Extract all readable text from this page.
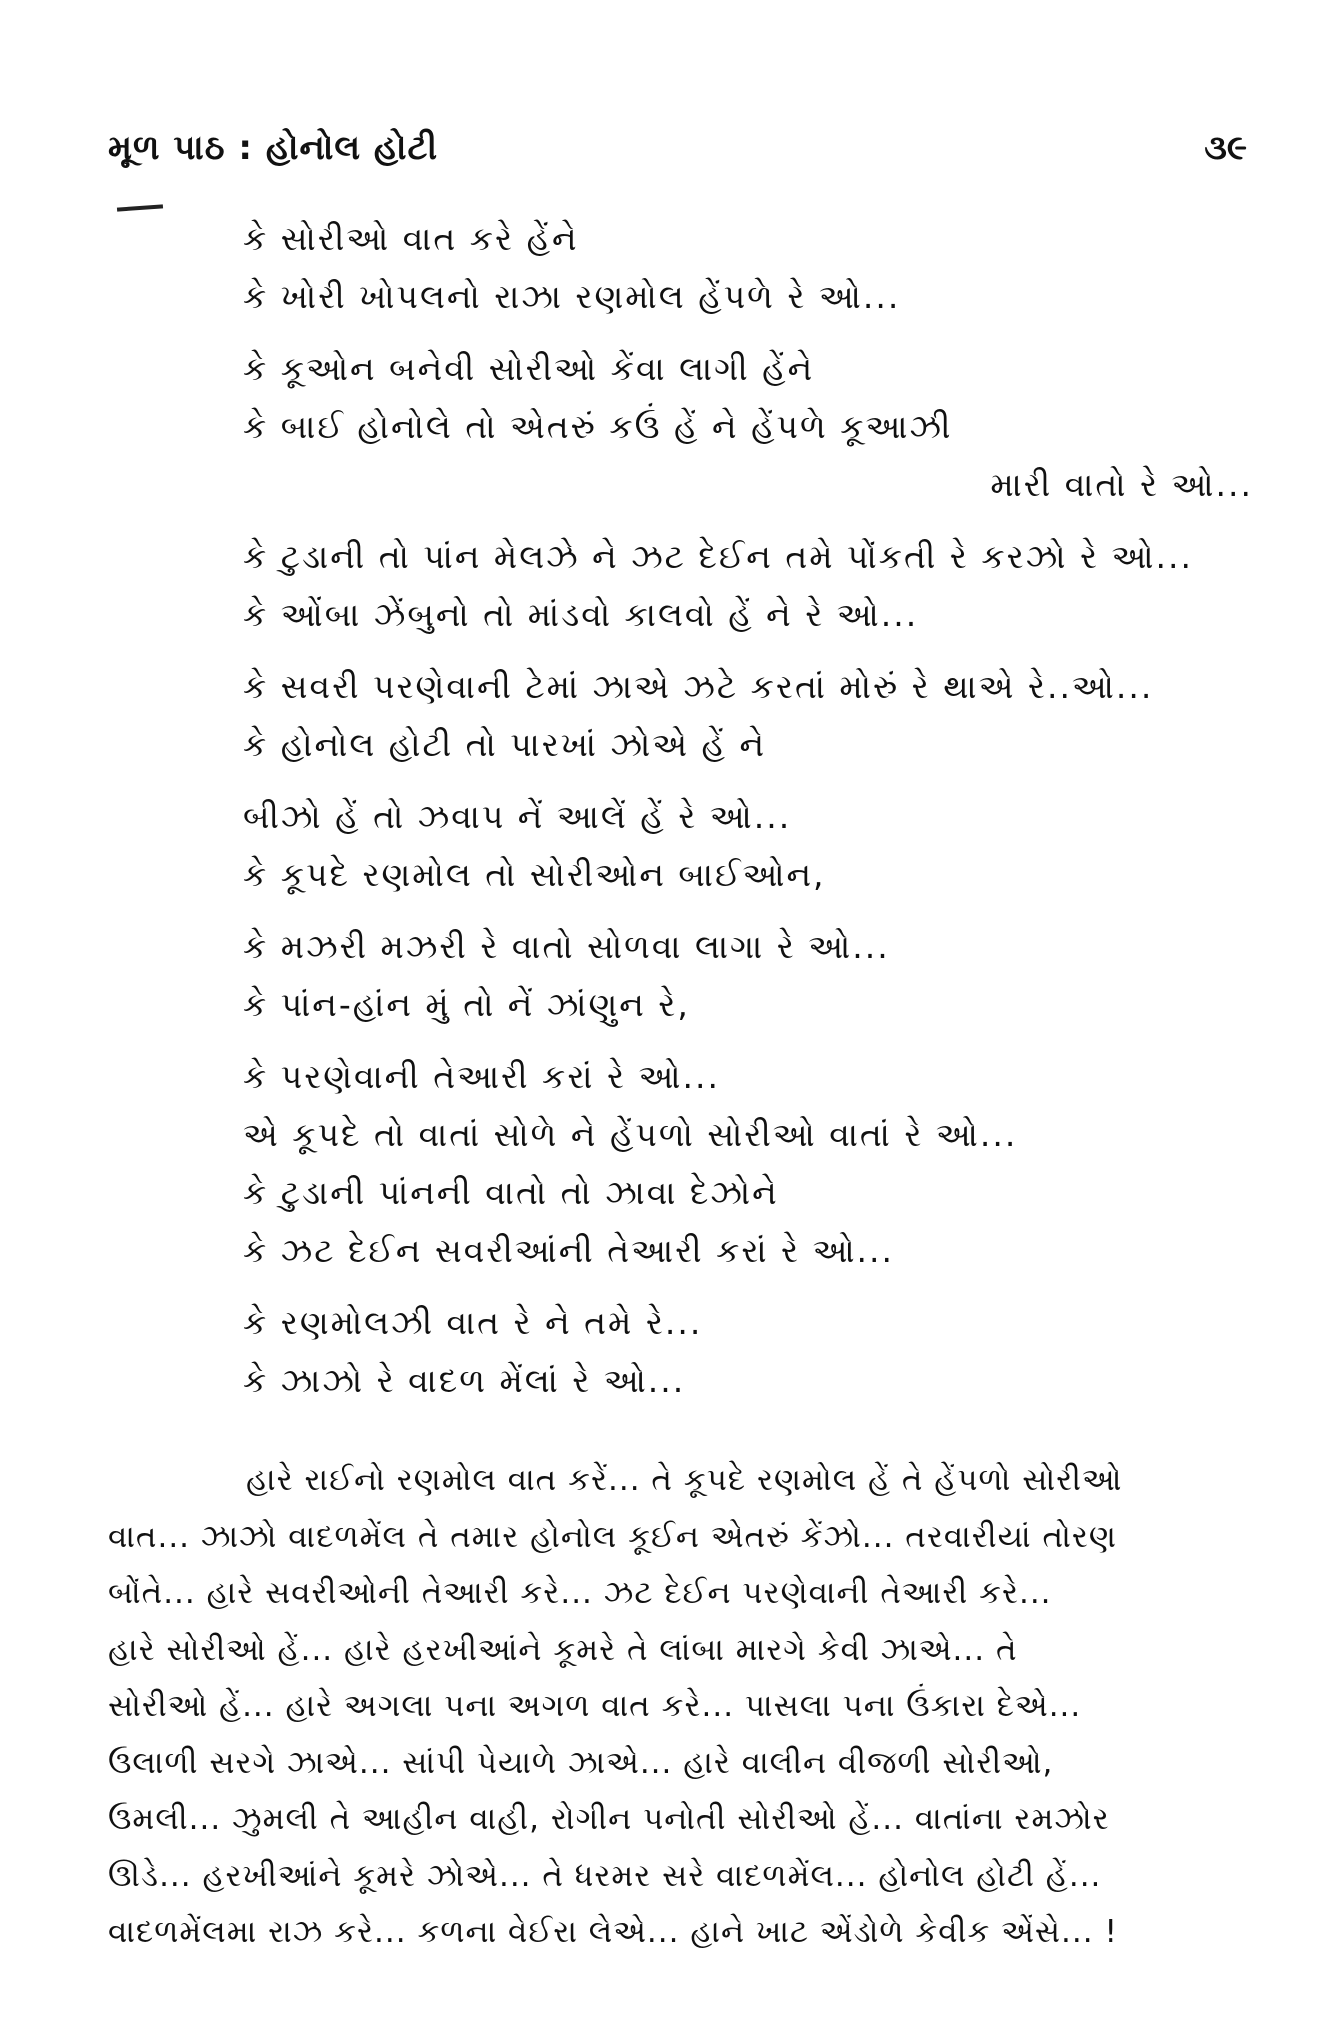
મૂળ પાઠ : હોનોલ હોટી	૩૯
કે સોરીઓ વાત કરે હેંને
કે ખોરી ખોપલનો રાઝા રણમોલ હેંપળે રે ઓ...
કે કૂઓન બનેવી સોરીઓ કેંવા લાગી હેંને
કે બાઈ હોનોલે તો એતરું કઉં હેં ને હેંપળે કૂઆઝી
મારી વાતો રે ઓ...
કે ટુડાની તો પાંન મેલઝે ને ઝટ દેઈન તમે પોંકતી રે કરઝો રે ઓ...
કે ઓંબા ઝેંબુનો તો માંડવો કાલવો હેં ને રે ઓ...
કે સવરી પરણેવાની ટેમાં ઝાએ ઝટે કરતાં મોરું રે થાએ રે..ઓ...
કે હોનોલ હોટી તો પારખાં ઝોએ હેં ને
બીઝો હેં તો ઝવાપ નેં આલેં હેં રે ઓ...
કે કૂપદે રણમોલ તો સોરીઓન બાઈઓન,
કે મઝરી મઝરી રે વાતો સોળવા લાગા રે ઓ...
કે પાંન-હાંન મું તો નેં ઝાંણુન રે,
કે પરણેવાની તેઆરી કરાં રે ઓ...
એ કૂપદે તો વાતાં સોળે ને હેંપળો સોરીઓ વાતાં રે ઓ...
કે ટુડાની પાંનની વાતો તો ઝાવા દેઝોને
કે ઝટ દેઈન સવરીઆંની તેઆરી કરાં રે ઓ...
કે રણમોલઝી વાત રે ને તમે રે...
કે ઝાઝો રે વાદળ મેંલાં રે ઓ...
હારે રાઈનો રણમોલ વાત કરેં... તે કૂપદે રણમોલ હેં તે હેંપળો સોરીઓ
વાત... ઝાઝો વાદળમેંલ તે તમાર હોનોલ કૂઈન એતરું કેંઝો... તરવારીયાં તોરણ
બોંતે... હારે સવરીઓની તેઆરી કરે... ઝટ દેઈન પરણેવાની તેઆરી કરે...
હારે સોરીઓ હેં... હારે હરખીઆંને કૂમરે તે લાંબા મારગે કેવી ઝાએ... તે
સોરીઓ હેં... હારે અગલા પના અગળ વાત કરે... પાસલા પના ઉંકારા દેએ...
ઉલાળી સરગે ઝાએ... સાંપી પેયાળે ઝાએ... હારે વાલીન વીજળી સોરીઓ,
ઉમલી... ઝુમલી તે આહીન વાહી, રોગીન પનોતી સોરીઓ હેં... વાતાંના રમઝોર
ઊડે... હરખીઆંને કૂમરે ઝોએ... તે ધરમર સરે વાદળમેંલ... હોનોલ હોટી હેં...
વાદળમેંલમા રાઝ કરે... કળના વેઈરા લેએ... હાને ખાટ એંડોળે કેવીક એંસે... !
